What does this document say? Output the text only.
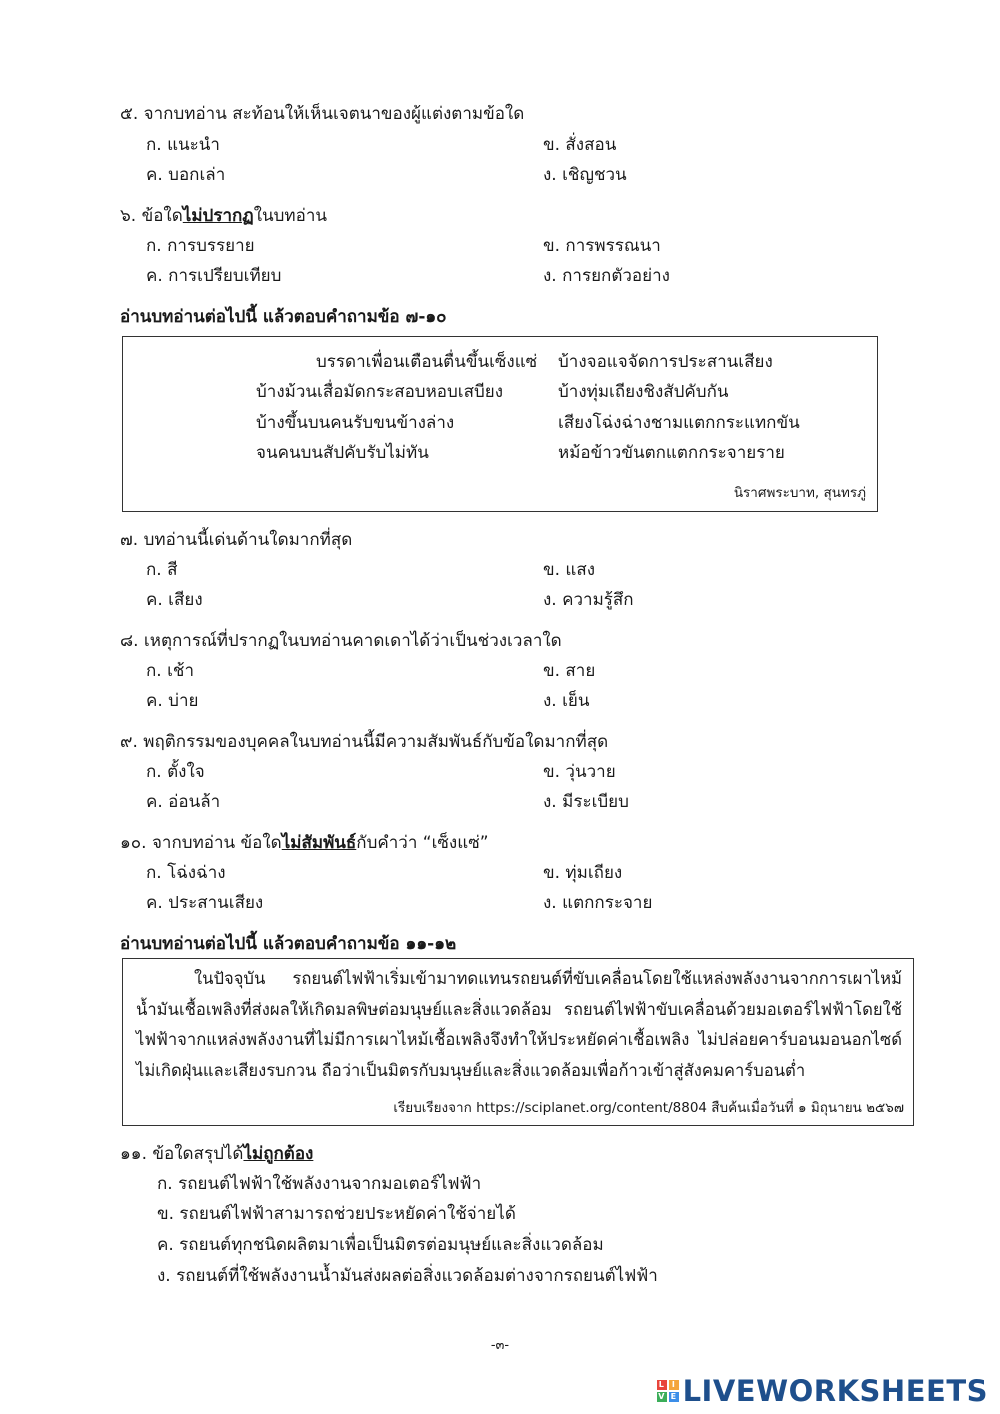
๕. จากบทอ่าน สะท้อนให้เห็นเจตนาของผู้แต่งตามข้อใด
ก. แนะนำ	ข. สั่งสอน
ค. บอกเล่า	ง. เชิญชวน
๖. ข้อใดไม่ปรากฏในบทอ่าน
ก. การบรรยาย	ข. การพรรณนา
ค. การเปรียบเทียบ	ง. การยกตัวอย่าง
อ่านบทอ่านต่อไปนี้ แล้วตอบคำถามข้อ ๗-๑๐
บรรดาเพื่อนเตือนตื่นขึ้นเซ็งแซ่ บ้างจอแจจัดการประสานเสียง
บ้างม้วนเสื่อมัดกระสอบหอบเสบียง	บ้างทุ่มเถียงชิงสัปคับกัน
บ้างขึ้นบนคนรับขนข้างล่าง	เสียงโฉ่งฉ่างชามแตกกระแทกขัน
จนคนบนสัปคับรับไม่ทัน	หม้อข้าวขันตกแตกกระจายราย
นิราศพระบาท, สุนทรภู่
๗. บทอ่านนี้เด่นด้านใดมากที่สุด
ก. สี	ข. แสง
ค. เสียง	ง. ความรู้สึก
๘. เหตุการณ์ที่ปรากฏในบทอ่านคาดเดาได้ว่าเป็นช่วงเวลาใด
ก. เช้า	ข. สาย
ค. บ่าย	ง. เย็น
๙. พฤติกรรมของบุคคลในบทอ่านนี้มีความสัมพันธ์กับข้อใดมากที่สุด
ก. ตั้งใจ	ข. วุ่นวาย
ค. อ่อนล้า	ง. มีระเบียบ
๑๐. จากบทอ่าน ข้อใดไม่สัมพันธ์กับคำว่า “เซ็งแซ่”
ก. โฉ่งฉ่าง	ข. ทุ่มเถียง
ค. ประสานเสียง	ง. แตกกระจาย
อ่านบทอ่านต่อไปนี้ แล้วตอบคำถามข้อ ๑๑-๑๒

ในปัจจุบัน รถยนต์ไฟฟ้าเริ่มเข้ามาทดแทนรถยนต์ที่ขับเคลื่อนโดยใช้แหล่งพลังงานจากการเผาไหม้น้ำมันเชื้อเพลิงที่ส่งผลให้เกิดมลพิษต่อมนุษย์และสิ่งแวดล้อม รถยนต์ไฟฟ้าขับเคลื่อนด้วยมอเตอร์ไฟฟ้าโดยใช้ไฟฟ้าจากแหล่งพลังงานที่ไม่มีการเผาไหม้เชื้อเพลิงจึงทำให้ประหยัดค่าเชื้อเพลิง ไม่ปล่อยคาร์บอนมอนอกไซด์ ไม่เกิดฝุ่นและเสียงรบกวน ถือว่าเป็นมิตรกับมนุษย์และสิ่งแวดล้อมเพื่อก้าวเข้าสู่สังคมคาร์บอนต่ำ

เรียบเรียงจาก https://sciplanet.org/content/8804 สืบค้นเมื่อวันที่ ๑ มิถุนายน ๒๕๖๗
๑๑. ข้อใดสรุปได้ไม่ถูกต้อง
ก. รถยนต์ไฟฟ้าใช้พลังงานจากมอเตอร์ไฟฟ้า
ข. รถยนต์ไฟฟ้าสามารถช่วยประหยัดค่าใช้จ่ายได้
ค. รถยนต์ทุกชนิดผลิตมาเพื่อเป็นมิตรต่อมนุษย์และสิ่งแวดล้อม
ง. รถยนต์ที่ใช้พลังงานน้ำมันส่งผลต่อสิ่งแวดล้อมต่างจากรถยนต์ไฟฟ้า
-๓-
L I
V E LIVEWORKSHEETS
